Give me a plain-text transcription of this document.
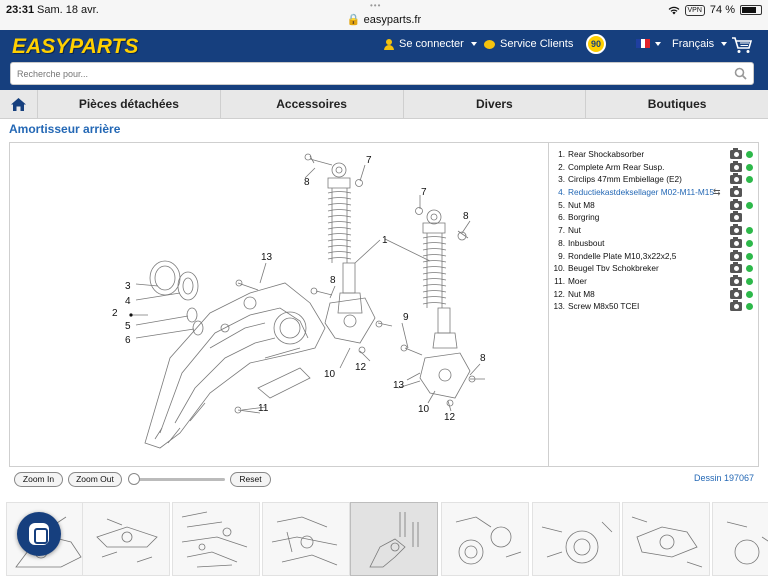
23:31 Sam. 18 avr.	•••
🔒 easyparts.fr
VPN 74 %
EASYPARTS	Se connecter	Service Clients	Français
90
Recherche pour...
Pièces détachées	Accessoires	Divers	Boutiques
Amortisseur arrière
7
8
7
8
1
13
8
3
4
2
5
6
9
10
12
8
13
11	10
12
1. Rear Shockabsorber
2. Complete Arm Rear Susp.
3. Circlips 47mm Embiellage (E2)
4. Reductiekastdeksellager M02-M11-M15
⇆
5. Nut M8
6. Borgring
7. Nut
8. Inbusbout
9. Rondelle Plate M10,3x22x2,5
10. Beugel Tbv Schokbreker
11. Moer
12. Nut M8
13. Screw M8x50 TCEI
Zoom In	Zoom Out	Reset	Dessin 197067
